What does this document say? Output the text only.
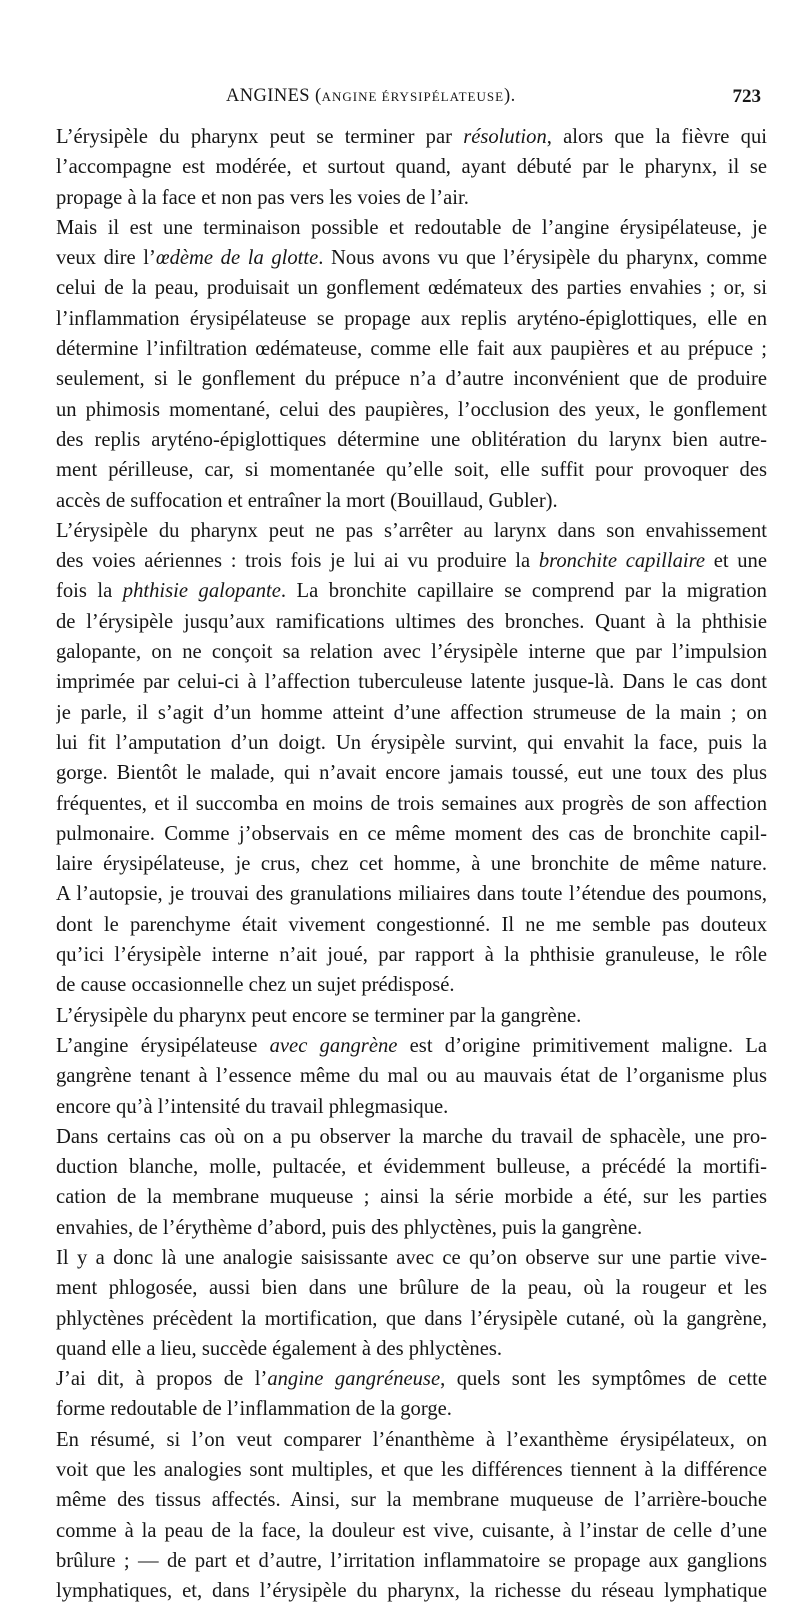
ANGINES (ANGINE ÉRYSIPÉLATEUSE).	723
L’érysipèle du pharynx peut se terminer par résolution, alors que la fièvre qui
l’accompagne est modérée, et surtout quand, ayant débuté par le pharynx, il se
propage à la face et non pas vers les voies de l’air.
Mais il est une terminaison possible et redoutable de l’angine érysipélateuse, je
veux dire l’œdème de la glotte. Nous avons vu que l’érysipèle du pharynx, comme
celui de la peau, produisait un gonflement œdémateux des parties envahies ; or, si
l’inflammation érysipélateuse se propage aux replis aryténo-épiglottiques, elle en
détermine l’infiltration œdémateuse, comme elle fait aux paupières et au prépuce ;
seulement, si le gonflement du prépuce n’a d’autre inconvénient que de produire
un phimosis momentané, celui des paupières, l’occlusion des yeux, le gonflement
des replis aryténo-épiglottiques détermine une oblitération du larynx bien autre-
ment périlleuse, car, si momentanée qu’elle soit, elle suffit pour provoquer des
accès de suffocation et entraîner la mort (Bouillaud, Gubler).
L’érysipèle du pharynx peut ne pas s’arrêter au larynx dans son envahissement
des voies aériennes : trois fois je lui ai vu produire la bronchite capillaire et une
fois la phthisie galopante. La bronchite capillaire se comprend par la migration
de l’érysipèle jusqu’aux ramifications ultimes des bronches. Quant à la phthisie
galopante, on ne conçoit sa relation avec l’érysipèle interne que par l’impulsion
imprimée par celui-ci à l’affection tuberculeuse latente jusque-là. Dans le cas dont
je parle, il s’agit d’un homme atteint d’une affection strumeuse de la main ; on
lui fit l’amputation d’un doigt. Un érysipèle survint, qui envahit la face, puis la
gorge. Bientôt le malade, qui n’avait encore jamais toussé, eut une toux des plus
fréquentes, et il succomba en moins de trois semaines aux progrès de son affection
pulmonaire. Comme j’observais en ce même moment des cas de bronchite capil-
laire érysipélateuse, je crus, chez cet homme, à une bronchite de même nature.
A l’autopsie, je trouvai des granulations miliaires dans toute l’étendue des poumons,
dont le parenchyme était vivement congestionné. Il ne me semble pas douteux
qu’ici l’érysipèle interne n’ait joué, par rapport à la phthisie granuleuse, le rôle
de cause occasionnelle chez un sujet prédisposé.
L’érysipèle du pharynx peut encore se terminer par la gangrène.
L’angine érysipélateuse avec gangrène est d’origine primitivement maligne. La
gangrène tenant à l’essence même du mal ou au mauvais état de l’organisme plus
encore qu’à l’intensité du travail phlegmasique.
Dans certains cas où on a pu observer la marche du travail de sphacèle, une pro-
duction blanche, molle, pultacée, et évidemment bulleuse, a précédé la mortifi-
cation de la membrane muqueuse ; ainsi la série morbide a été, sur les parties
envahies, de l’érythème d’abord, puis des phlyctènes, puis la gangrène.
Il y a donc là une analogie saisissante avec ce qu’on observe sur une partie vive-
ment phlogosée, aussi bien dans une brûlure de la peau, où la rougeur et les
phlyctènes précèdent la mortification, que dans l’érysipèle cutané, où la gangrène,
quand elle a lieu, succède également à des phlyctènes.
J’ai dit, à propos de l’angine gangréneuse, quels sont les symptômes de cette
forme redoutable de l’inflammation de la gorge.
En résumé, si l’on veut comparer l’énanthème à l’exanthème érysipélateux, on
voit que les analogies sont multiples, et que les différences tiennent à la différence
même des tissus affectés. Ainsi, sur la membrane muqueuse de l’arrière-bouche
comme à la peau de la face, la douleur est vive, cuisante, à l’instar de celle d’une
brûlure ; — de part et d’autre, l’irritation inflammatoire se propage aux ganglions
lymphatiques, et, dans l’érysipèle du pharynx, la richesse du réseau lymphatique
